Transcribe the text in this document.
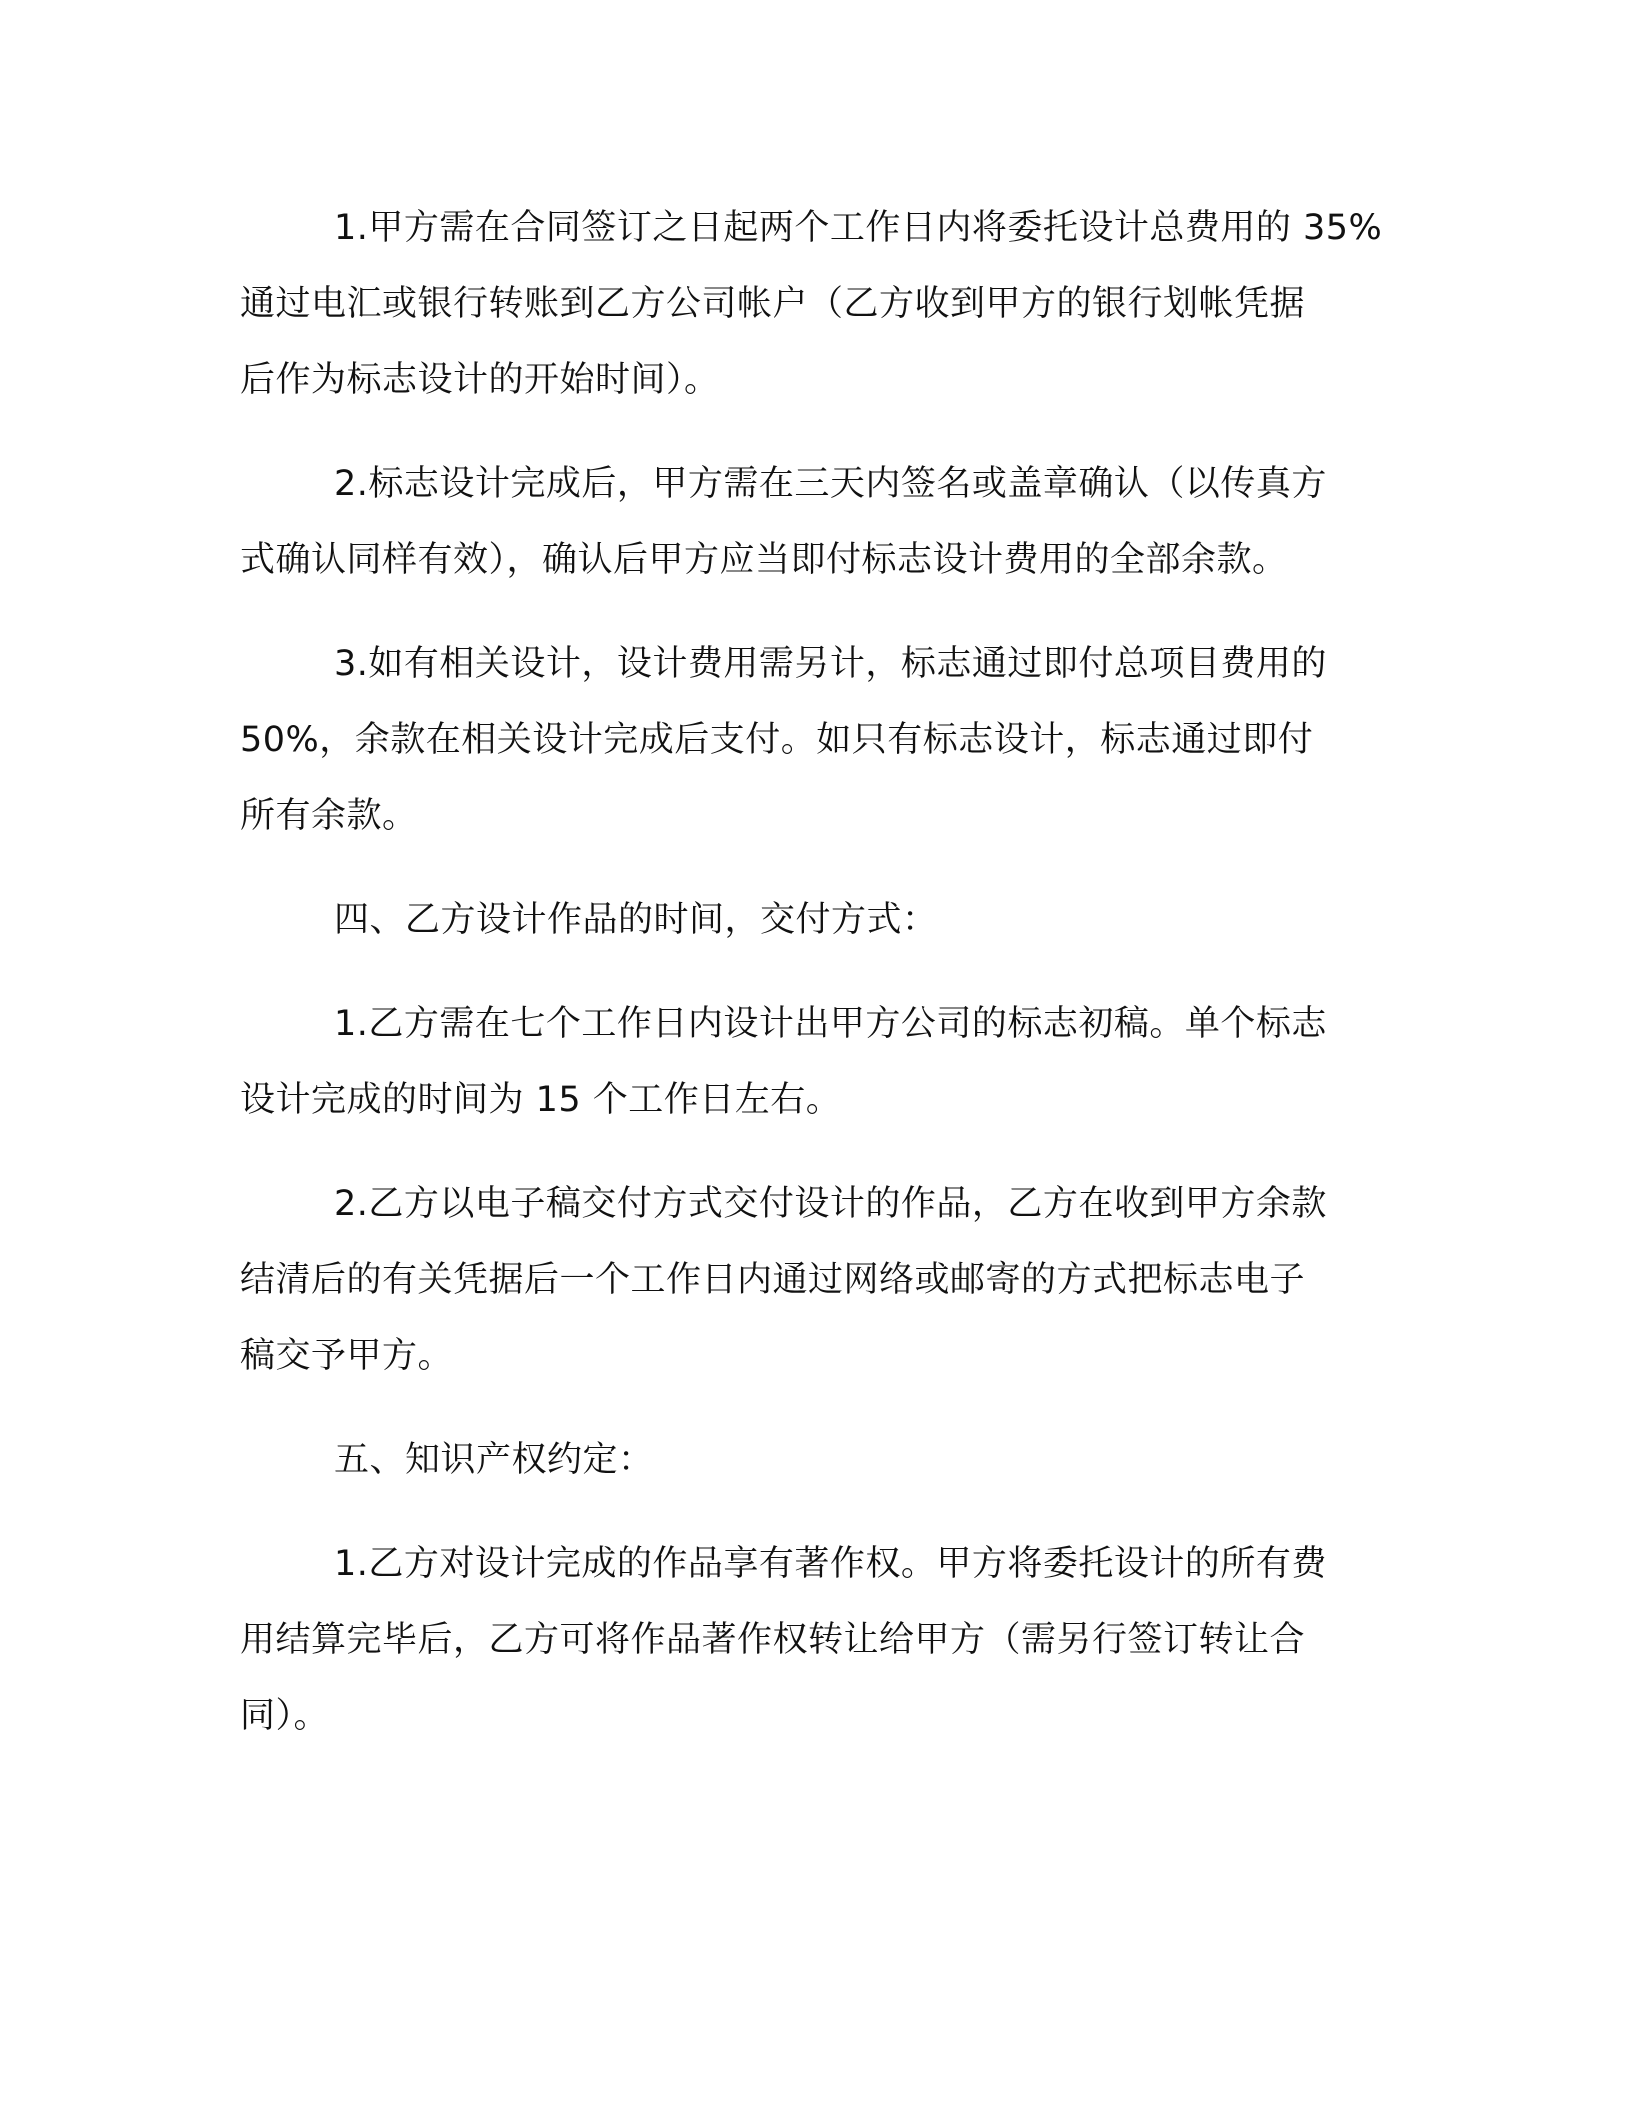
1.甲方需在合同签订之日起两个工作日内将委托设计总费用的 35%
通过电汇或银行转账到乙方公司帐户（乙方收到甲方的银行划帐凭据
后作为标志设计的开始时间）。
2.标志设计完成后，甲方需在三天内签名或盖章确认（以传真方
式确认同样有效），确认后甲方应当即付标志设计费用的全部余款。
3.如有相关设计，设计费用需另计，标志通过即付总项目费用的
50%，余款在相关设计完成后支付。如只有标志设计，标志通过即付
所有余款。
四、乙方设计作品的时间，交付方式：
1.乙方需在七个工作日内设计出甲方公司的标志初稿。单个标志
设计完成的时间为 15 个工作日左右。
2.乙方以电子稿交付方式交付设计的作品，乙方在收到甲方余款
结清后的有关凭据后一个工作日内通过网络或邮寄的方式把标志电子
稿交予甲方。
五、知识产权约定：
1.乙方对设计完成的作品享有著作权。甲方将委托设计的所有费
用结算完毕后，乙方可将作品著作权转让给甲方（需另行签订转让合
同）。
